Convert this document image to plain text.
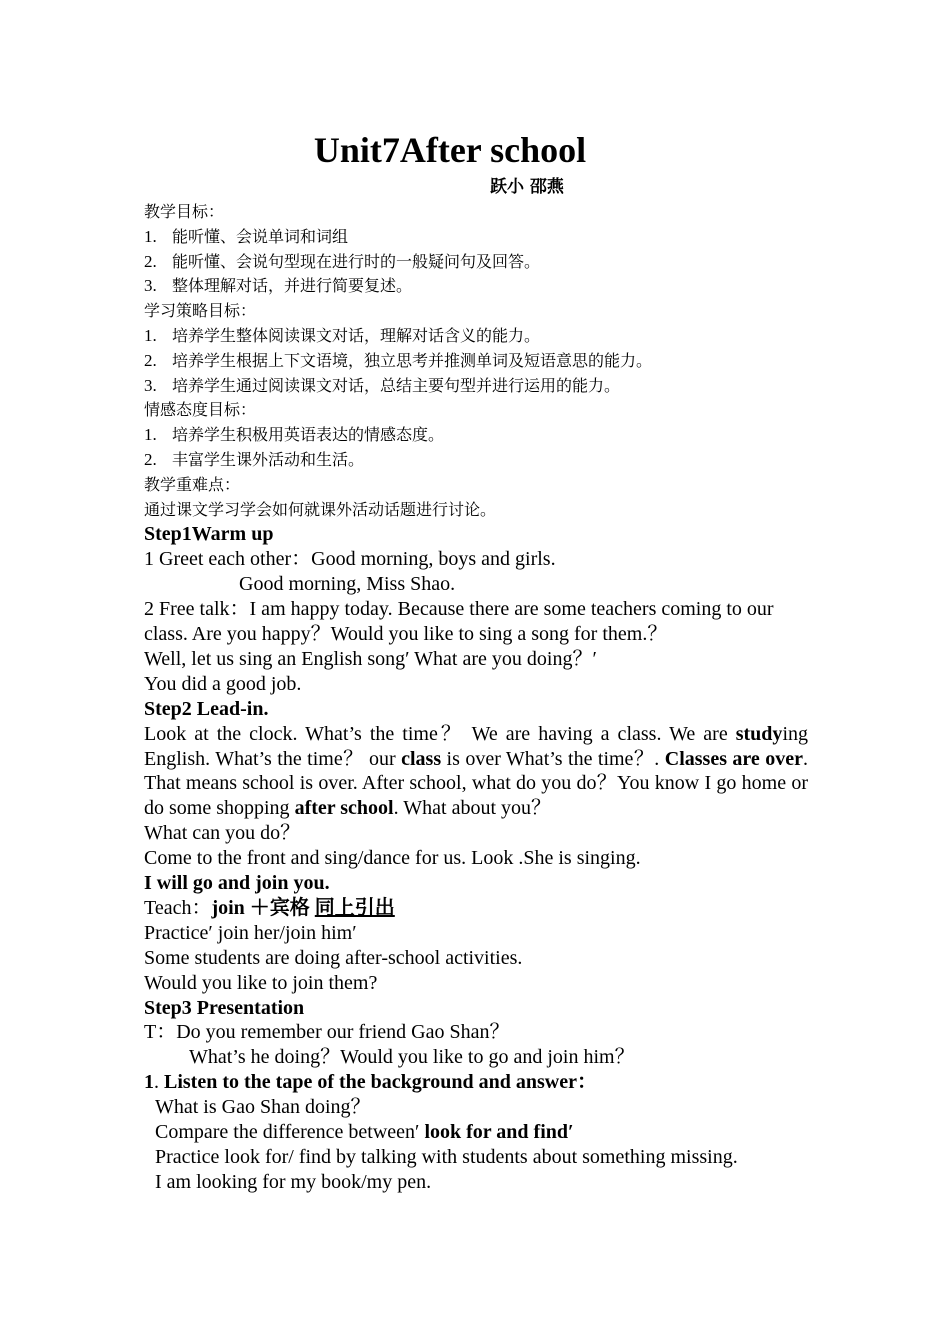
Unit7After school
跃小 邵燕
教学目标：
1. 能听懂、会说单词和词组
2. 能听懂、会说句型现在进行时的一般疑问句及回答。
3. 整体理解对话，并进行简要复述。
学习策略目标：
1. 培养学生整体阅读课文对话，理解对话含义的能力。
2. 培养学生根据上下文语境，独立思考并推测单词及短语意思的能力。
3. 培养学生通过阅读课文对话，总结主要句型并进行运用的能力。
情感态度目标：
1. 培养学生积极用英语表达的情感态度。
2. 丰富学生课外活动和生活。
教学重难点：
通过课文学习学会如何就课外活动话题进行讨论。
Step1Warm up
1 Greet each other：Good morning, boys and girls.
Good morning, Miss Shao.
2 Free talk：I am happy today. Because there are some teachers coming to our class. Are you happy？Would you like to sing a song for them.？
Well, let us sing an English song′ What are you doing？′
You did a good job.
Step2 Lead-in.
Look at the clock. What’s the time？ We are having a class. We are studying English. What’s the time？ our class is over What’s the time？. Classes are over. That means school is over. After school, what do you do？You know I go home or do some shopping after school. What about you？
What can you do？
Come to the front and sing/dance for us. Look .She is singing.
I will go and join you.
Teach：join ＋宾格 同上引出
Practice′ join her/join him′
Some students are doing after-school activities.
Would you like to join them?
Step3 Presentation
T：Do you remember our friend Gao Shan？
What’s he doing？Would you like to go and join him？
1. Listen to the tape of the background and answer：
What is Gao Shan doing？
Compare the difference between′ look for and find′
Practice look for/ find by talking with students about something missing.
I am looking for my book/my pen.
